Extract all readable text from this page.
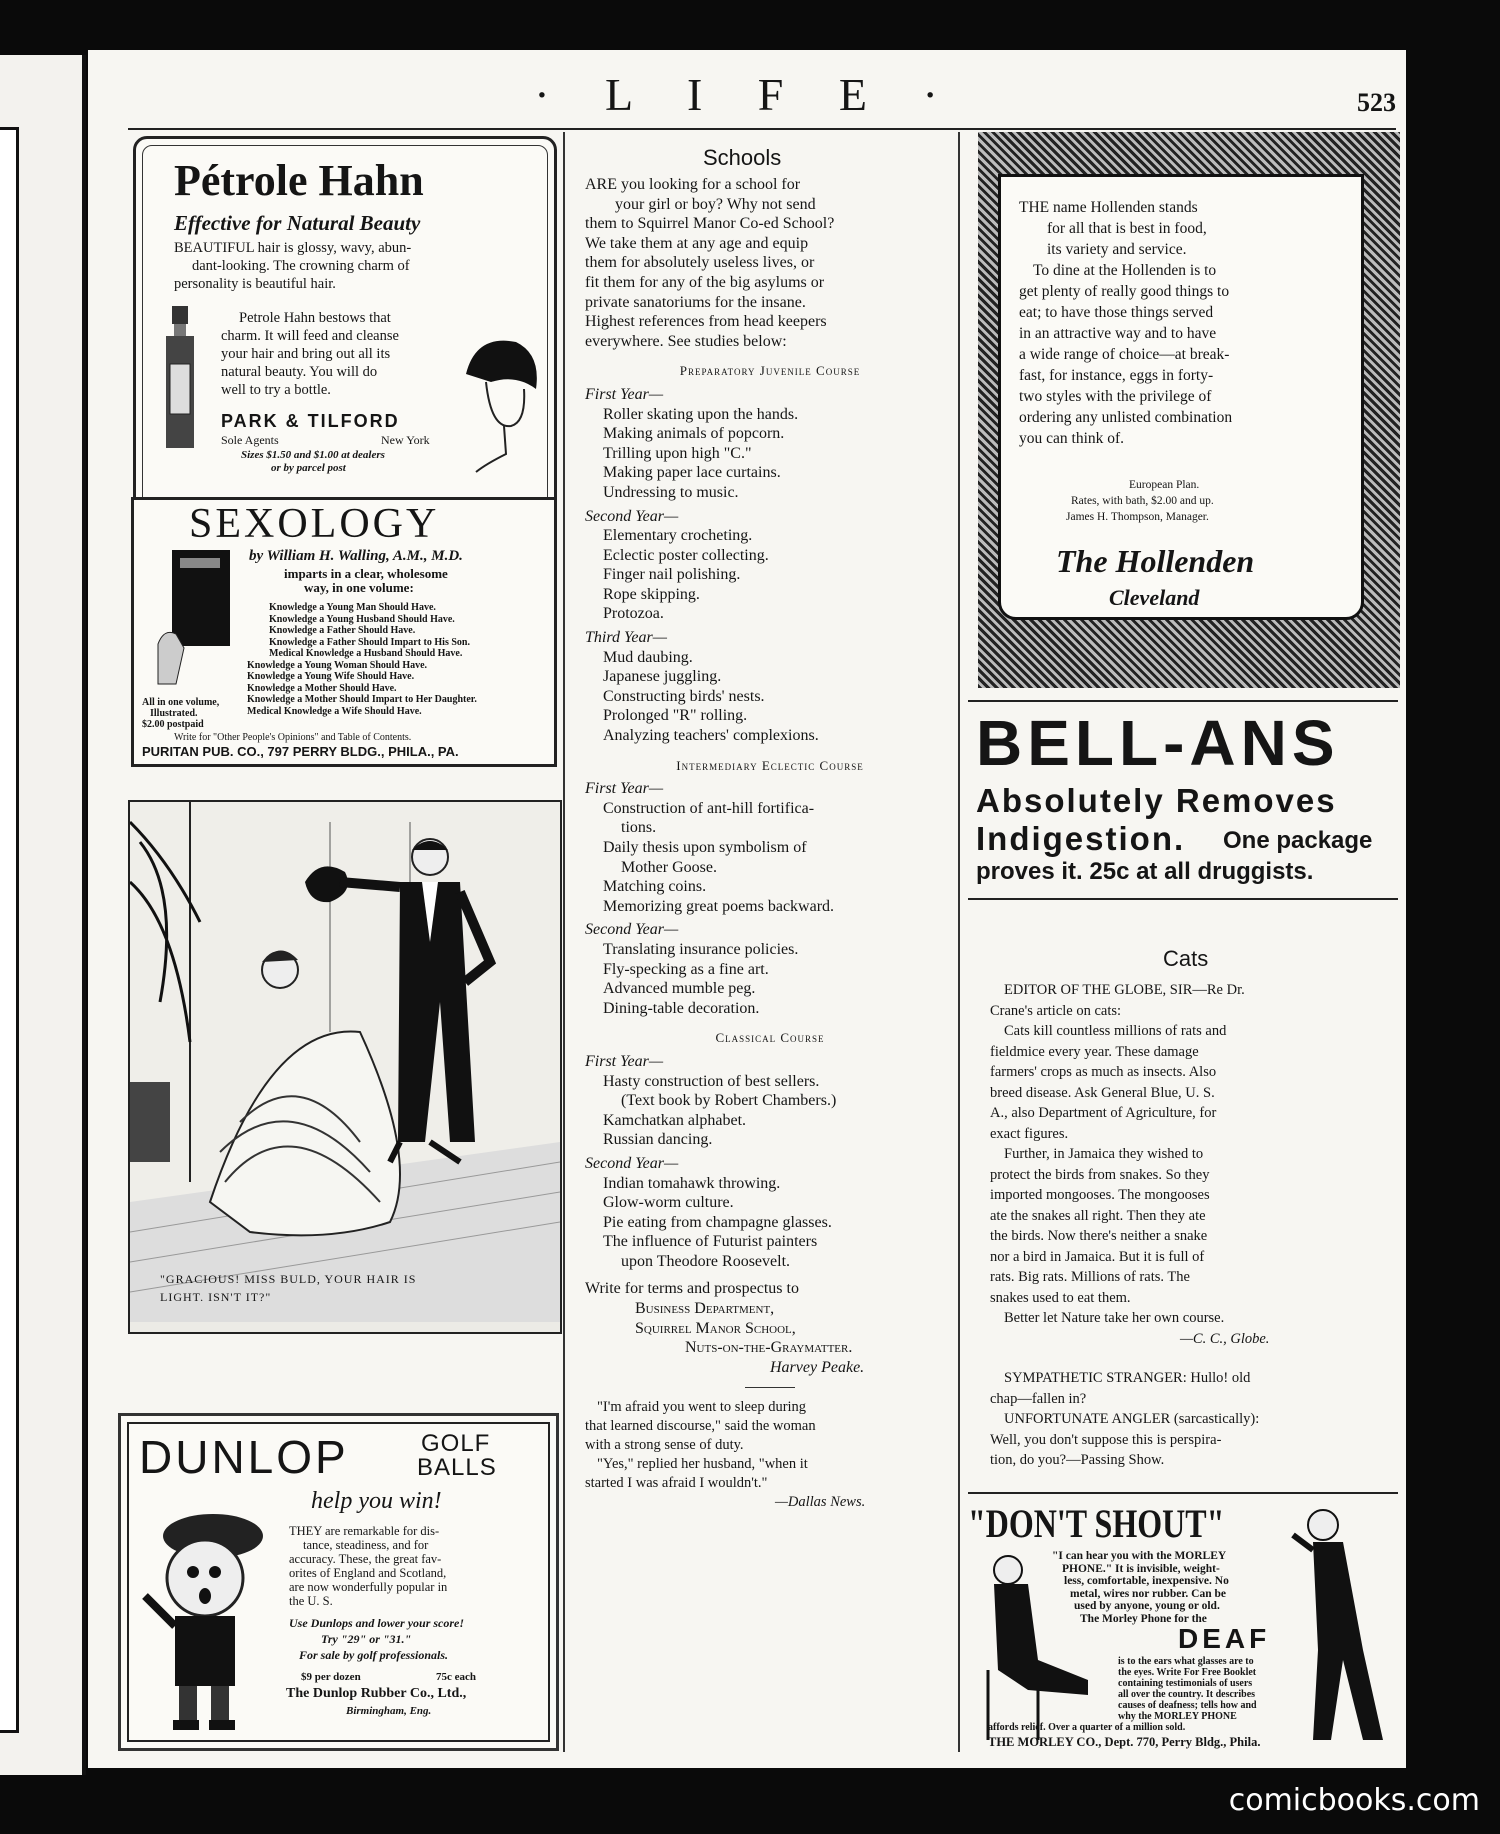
· L I F E ·	523
Pétrole Hahn
Effective for Natural Beauty
BEAUTIFUL hair is glossy, wavy, abun-
dant-looking. The crowning charm of
personality is beautiful hair.
Petrole Hahn bestows that
charm. It will feed and cleanse
your hair and bring out all its
natural beauty. You will do
well to try a bottle.
PARK & TILFORD
Sole Agents	New York
Sizes $1.50 and $1.00 at dealers
or by parcel post
SEXOLOGY
by William H. Walling, A.M., M.D.
imparts in a clear, wholesome
way, in one volume:
Knowledge a Young Man Should Have.
Knowledge a Young Husband Should Have.
Knowledge a Father Should Have.
Knowledge a Father Should Impart to His Son.
Medical Knowledge a Husband Should Have.
Knowledge a Young Woman Should Have.
Knowledge a Young Wife Should Have.
Knowledge a Mother Should Have.
Knowledge a Mother Should Impart to Her Daughter.
Medical Knowledge a Wife Should Have.
All in one volume,
Illustrated.
$2.00 postpaid
Write for "Other People's Opinions" and Table of Contents.
PURITAN PUB. CO., 797 PERRY BLDG., PHILA., PA.
"GRACIOUS! MISS BULD, YOUR HAIR IS
LIGHT. ISN'T IT?"
DUNLOP	GOLF
BALLS
help you win!
THEY are remarkable for dis-
tance, steadiness, and for
accuracy. These, the great fav-
orites of England and Scotland,
are now wonderfully popular in
the U. S.
Use Dunlops and lower your score!
Try "29" or "31."
For sale by golf professionals.
$9 per dozen	75c each
The Dunlop Rubber Co., Ltd.,
Birmingham, Eng.
Schools
ARE you looking for a school for
your girl or boy? Why not send
them to Squirrel Manor Co-ed School?
We take them at any age and equip
them for absolutely useless lives, or
fit them for any of the big asylums or
private sanatoriums for the insane.
Highest references from head keepers
everywhere. See studies below:
Preparatory Juvenile Course
First Year—
Roller skating upon the hands.
Making animals of popcorn.
Trilling upon high "C."
Making paper lace curtains.
Undressing to music.
Second Year—
Elementary crocheting.
Eclectic poster collecting.
Finger nail polishing.
Rope skipping.
Protozoa.
Third Year—
Mud daubing.
Japanese juggling.
Constructing birds' nests.
Prolonged "R" rolling.
Analyzing teachers' complexions.
Intermediary Eclectic Course
First Year—
Construction of ant-hill fortifica-
tions.
Daily thesis upon symbolism of
Mother Goose.
Matching coins.
Memorizing great poems backward.
Second Year—
Translating insurance policies.
Fly-specking as a fine art.
Advanced mumble peg.
Dining-table decoration.
Classical Course
First Year—
Hasty construction of best sellers.
(Text book by Robert Chambers.)
Kamchatkan alphabet.
Russian dancing.
Second Year—
Indian tomahawk throwing.
Glow-worm culture.
Pie eating from champagne glasses.
The influence of Futurist painters
upon Theodore Roosevelt.
Write for terms and prospectus to
Business Department,
Squirrel Manor School,
Nuts-on-the-Graymatter.
Harvey Peake.
"I'm afraid you went to sleep during
that learned discourse," said the woman
with a strong sense of duty.
"Yes," replied her husband, "when it
started I was afraid I wouldn't."
—Dallas News.
THE name Hollenden stands
for all that is best in food,
its variety and service.
To dine at the Hollenden is to
get plenty of really good things to
eat; to have those things served
in an attractive way and to have
a wide range of choice—at break-
fast, for instance, eggs in forty-
two styles with the privilege of
ordering any unlisted combination
you can think of.
European Plan.
Rates, with bath, $2.00 and up.
James H. Thompson, Manager.
The Hollenden
Cleveland
BELL-ANS
Absolutely Removes
Indigestion. One package
proves it. 25c at all druggists.
Cats
EDITOR OF THE GLOBE, SIR—Re Dr.
Crane's article on cats:
Cats kill countless millions of rats and
fieldmice every year. These damage
farmers' crops as much as insects. Also
breed disease. Ask General Blue, U. S.
A., also Department of Agriculture, for
exact figures.
Further, in Jamaica they wished to
protect the birds from snakes. So they
imported mongooses. The mongooses
ate the snakes all right. Then they ate
the birds. Now there's neither a snake
nor a bird in Jamaica. But it is full of
rats. Big rats. Millions of rats. The
snakes used to eat them.
Better let Nature take her own course.
—C. C., Globe.
SYMPATHETIC STRANGER: Hullo! old
chap—fallen in?
UNFORTUNATE ANGLER (sarcastically):
Well, you don't suppose this is perspira-
tion, do you?—Passing Show.
"DON'T SHOUT"
"I can hear you with the MORLEY
PHONE." It is invisible, weight-
less, comfortable, inexpensive. No
metal, wires nor rubber. Can be
used by anyone, young or old.
The Morley Phone for the
DEAF
is to the ears what glasses are to
the eyes. Write For Free Booklet
containing testimonials of users
all over the country. It describes
causes of deafness; tells how and
why the MORLEY PHONE
affords relief. Over a quarter of a million sold.
THE MORLEY CO., Dept. 770, Perry Bldg., Phila.
comicbooks.com
